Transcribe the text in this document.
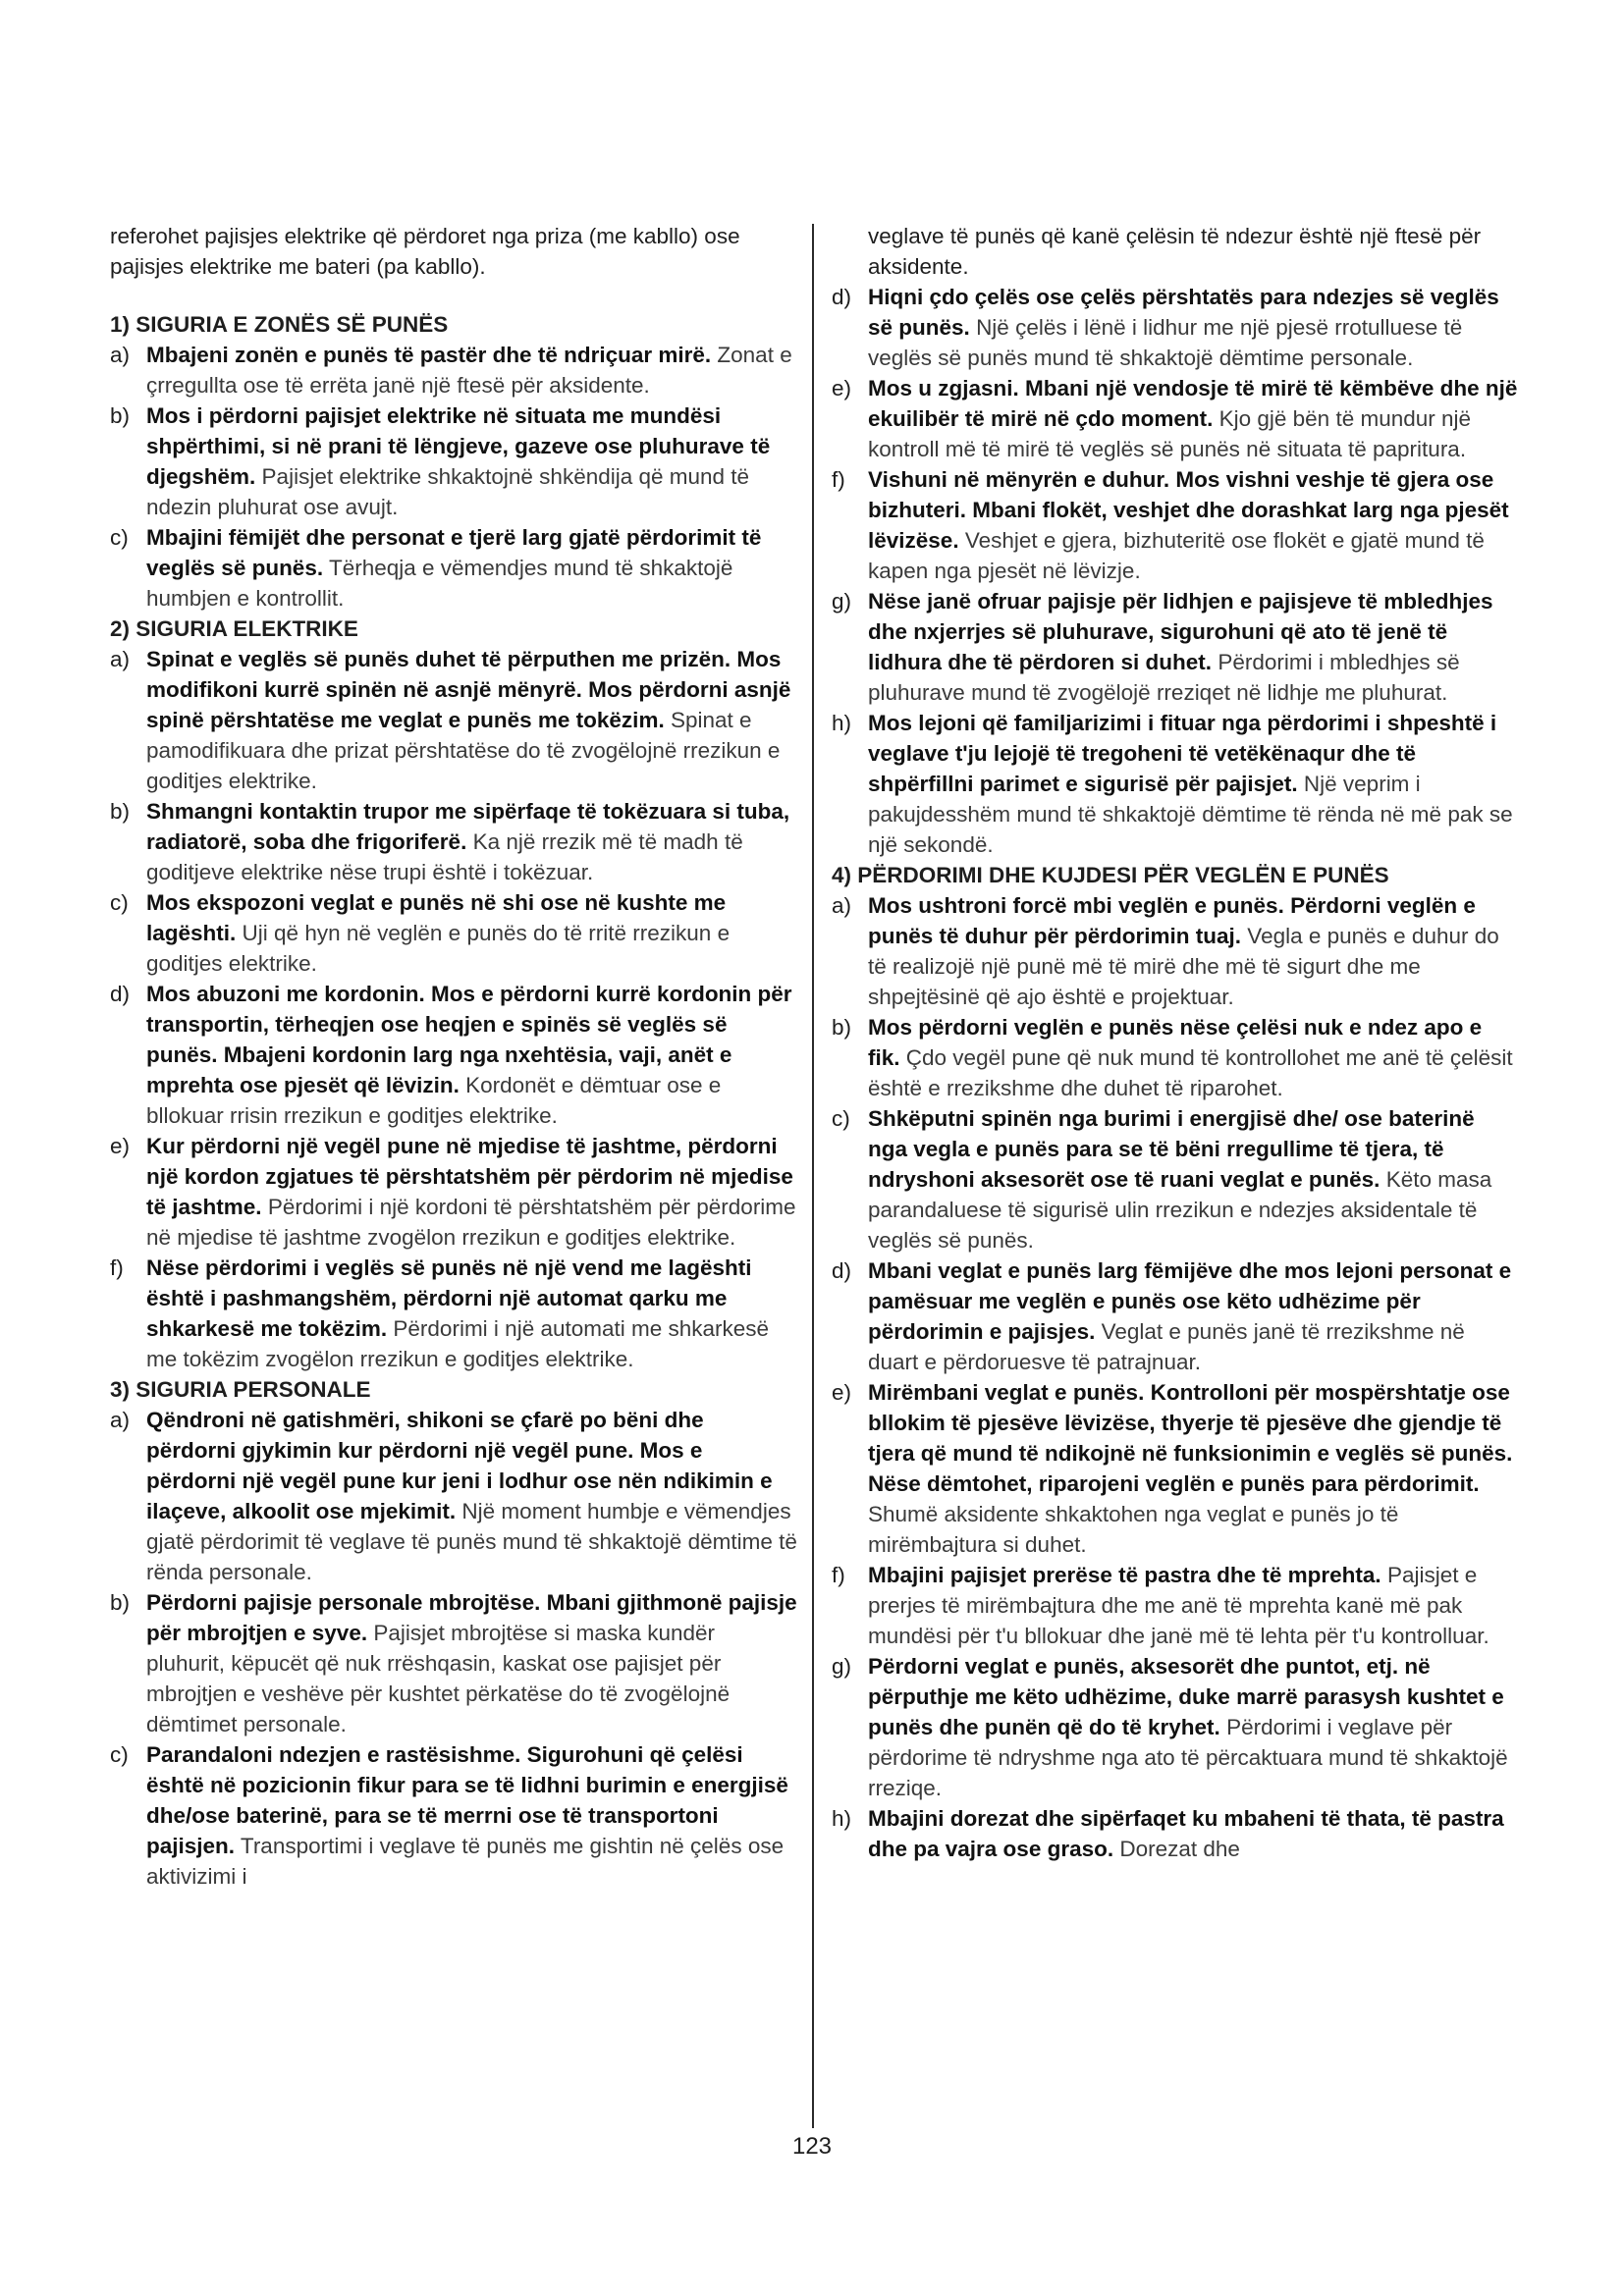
referohet pajisjes elektrike që përdoret nga priza (me kabllo) ose pajisjes elektrike me bateri (pa kabllo).

1) SIGURIA E ZONËS SË PUNËS

a) Mbajeni zonën e punës të pastër dhe të ndriçuar mirë. Zonat e çrregullta ose të errëta janë një ftesë për aksidente.

b) Mos i përdorni pajisjet elektrike në situata me mundësi shpërthimi, si në prani të lëngjeve, gazeve ose pluhurave të djegshëm. Pajisjet elektrike shkaktojnë shkëndija që mund të ndezin pluhurat ose avujt.

c) Mbajini fëmijët dhe personat e tjerë larg gjatë përdorimit të veglës së punës. Tërheqja e vëmendjes mund të shkaktojë humbjen e kontrollit.

2) SIGURIA ELEKTRIKE

a) Spinat e veglës së punës duhet të përputhen me prizën. Mos modifikoni kurrë spinën në asnjë mënyrë. Mos përdorni asnjë spinë përshtatëse me veglat e punës me tokëzim. Spinat e pamodifikuara dhe prizat përshtatëse do të zvogëlojnë rrezikun e goditjes elektrike.

b) Shmangni kontaktin trupor me sipërfaqe të tokëzuara si tuba, radiatorë, soba dhe frigoriferë. Ka një rrezik më të madh të goditjeve elektrike nëse trupi është i tokëzuar.

c) Mos ekspozoni veglat e punës në shi ose në kushte me lagështi. Uji që hyn në veglën e punës do të rritë rrezikun e goditjes elektrike.

d) Mos abuzoni me kordonin. Mos e përdorni kurrë kordonin për transportin, tërheqjen ose heqjen e spinës së veglës së punës. Mbajeni kordonin larg nga nxehtësia, vaji, anët e mprehta ose pjesët që lëvizin. Kordonët e dëmtuar ose e bllokuar rrisin rrezikun e goditjes elektrike.

e) Kur përdorni një vegël pune në mjedise të jashtme, përdorni një kordon zgjatues të përshtatshëm për përdorim në mjedise të jashtme. Përdorimi i një kordoni të përshtatshëm për përdorime në mjedise të jashtme zvogëlon rrezikun e goditjes elektrike.

f) Nëse përdorimi i veglës së punës në një vend me lagështi është i pashmangshëm, përdorni një automat qarku me shkarkesë me tokëzim. Përdorimi i një automati me shkarkesë me tokëzim zvogëlon rrezikun e goditjes elektrike.

3) SIGURIA PERSONALE

a) Qëndroni në gatishmëri, shikoni se çfarë po bëni dhe përdorni gjykimin kur përdorni një vegël pune. Mos e përdorni një vegël pune kur jeni i lodhur ose nën ndikimin e ilaçeve, alkoolit ose mjekimit. Një moment humbje e vëmendjes gjatë përdorimit të veglave të punës mund të shkaktojë dëmtime të rënda personale.

b) Përdorni pajisje personale mbrojtëse. Mbani gjithmonë pajisje për mbrojtjen e syve. Pajisjet mbrojtëse si maska kundër pluhurit, këpucët që nuk rrëshqasin, kaskat ose pajisjet për mbrojtjen e veshëve për kushtet përkatëse do të zvogëlojnë dëmtimet personale.

c) Parandaloni ndezjen e rastësishme. Sigurohuni që çelësi është në pozicionin fikur para se të lidhni burimin e energjisë dhe/ose baterinë, para se të merrni ose të transportoni pajisjen. Transportimi i veglave të punës me gishtin në çelës ose aktivizimi i

veglave të punës që kanë çelësin të ndezur është një ftesë për aksidente.

d) Hiqni çdo çelës ose çelës përshtatës para ndezjes së veglës së punës. Një çelës i lënë i lidhur me një pjesë rrotulluese të veglës së punës mund të shkaktojë dëmtime personale.

e) Mos u zgjasni. Mbani një vendosje të mirë të këmbëve dhe një ekuilibër të mirë në çdo moment. Kjo gjë bën të mundur një kontroll më të mirë të veglës së punës në situata të papritura.

f) Vishuni në mënyrën e duhur. Mos vishni veshje të gjera ose bizhuteri. Mbani flokët, veshjet dhe dorashkat larg nga pjesët lëvizëse. Veshjet e gjera, bizhuteritë ose flokët e gjatë mund të kapen nga pjesët në lëvizje.

g) Nëse janë ofruar pajisje për lidhjen e pajisjeve të mbledhjes dhe nxjerrjes së pluhurave, sigurohuni që ato të jenë të lidhura dhe të përdoren si duhet. Përdorimi i mbledhjes së pluhurave mund të zvogëlojë rreziqet në lidhje me pluhurat.

h) Mos lejoni që familjarizimi i fituar nga përdorimi i shpeshtë i veglave t'ju lejojë të tregoheni të vetëkënaqur dhe të shpërfillni parimet e sigurisë për pajisjet. Një veprim i pakujdesshëm mund të shkaktojë dëmtime të rënda në më pak se një sekondë.

4) PËRDORIMI DHE KUJDESI PËR VEGLËN E PUNËS

a) Mos ushtroni forcë mbi veglën e punës. Përdorni veglën e punës të duhur për përdorimin tuaj. Vegla e punës e duhur do të realizojë një punë më të mirë dhe më të sigurt dhe me shpejtësinë që ajo është e projektuar.

b) Mos përdorni veglën e punës nëse çelësi nuk e ndez apo e fik. Çdo vegël pune që nuk mund të kontrollohet me anë të çelësit është e rrezikshme dhe duhet të riparohet.

c) Shkëputni spinën nga burimi i energjisë dhe/ ose baterinë nga vegla e punës para se të bëni rregullime të tjera, të ndryshoni aksesorët ose të ruani veglat e punës. Këto masa parandaluese të sigurisë ulin rrezikun e ndezjes aksidentale të veglës së punës.

d) Mbani veglat e punës larg fëmijëve dhe mos lejoni personat e pamësuar me veglën e punës ose këto udhëzime për përdorimin e pajisjes. Veglat e punës janë të rrezikshme në duart e përdoruesve të patrajnuar.

e) Mirëmbani veglat e punës. Kontrolloni për mospërshtatje ose bllokim të pjesëve lëvizëse, thyerje të pjesëve dhe gjendje të tjera që mund të ndikojnë në funksionimin e veglës së punës. Nëse dëmtohet, riparojeni veglën e punës para përdorimit. Shumë aksidente shkaktohen nga veglat e punës jo të mirëmbajtura si duhet.

f) Mbajini pajisjet prerëse të pastra dhe të mprehta. Pajisjet e prerjes të mirëmbajtura dhe me anë të mprehta kanë më pak mundësi për t'u bllokuar dhe janë më të lehta për t'u kontrolluar.

g) Përdorni veglat e punës, aksesorët dhe puntot, etj. në përputhje me këto udhëzime, duke marrë parasysh kushtet e punës dhe punën që do të kryhet. Përdorimi i veglave për përdorime të ndryshme nga ato të përcaktuara mund të shkaktojë rreziqe.

h) Mbajini dorezat dhe sipërfaqet ku mbaheni të thata, të pastra dhe pa vajra ose graso. Dorezat dhe

123
